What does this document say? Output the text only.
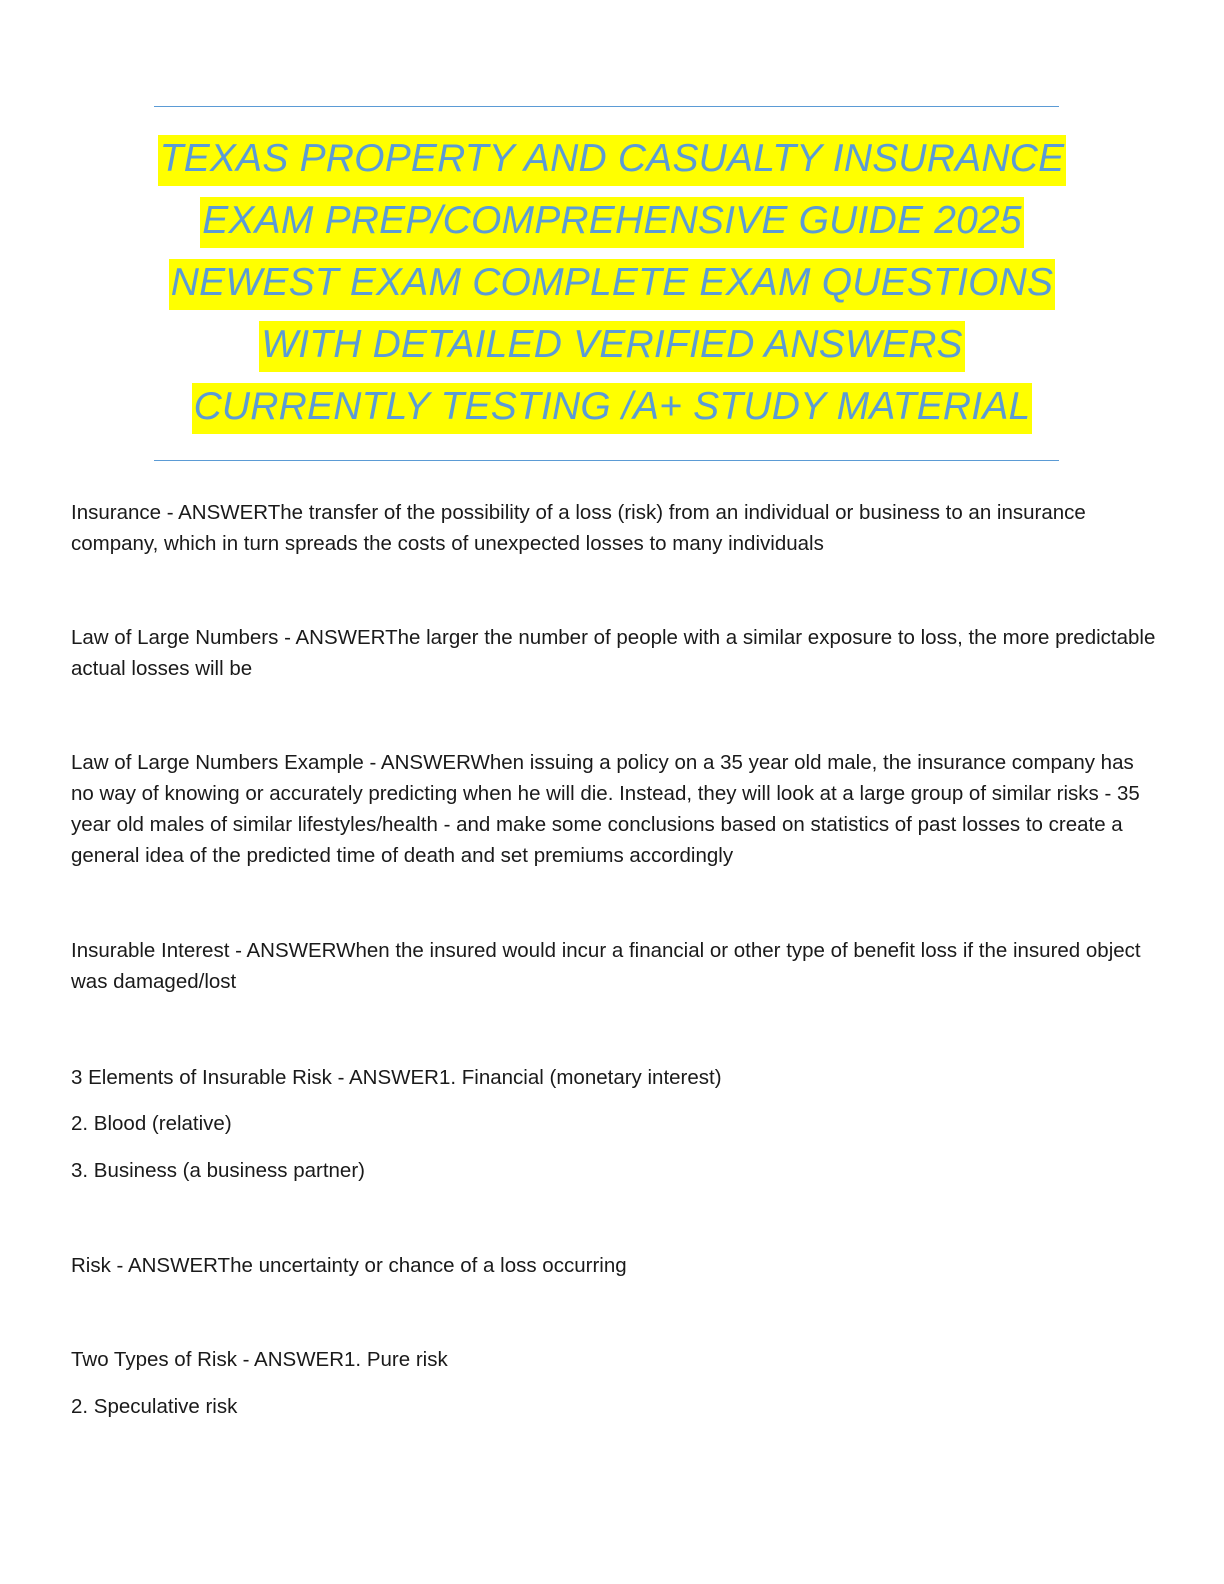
TEXAS PROPERTY AND CASUALTY INSURANCE
EXAM PREP/COMPREHENSIVE GUIDE 2025
NEWEST EXAM COMPLETE EXAM QUESTIONS
WITH DETAILED VERIFIED ANSWERS
CURRENTLY TESTING /A+ STUDY MATERIAL

Insurance - ANSWERThe transfer of the possibility of a loss (risk) from an individual or business to an insurance company, which in turn spreads the costs of unexpected losses to many individuals

Law of Large Numbers - ANSWERThe larger the number of people with a similar exposure to loss, the more predictable actual losses will be

Law of Large Numbers Example - ANSWERWhen issuing a policy on a 35 year old male, the insurance company has no way of knowing or accurately predicting when he will die. Instead, they will look at a large group of similar risks - 35 year old males of similar lifestyles/health - and make some conclusions based on statistics of past losses to create a general idea of the predicted time of death and set premiums accordingly

Insurable Interest - ANSWERWhen the insured would incur a financial or other type of benefit loss if the insured object was damaged/lost

3 Elements of Insurable Risk - ANSWER1. Financial (monetary interest)

2. Blood (relative)

3. Business (a business partner)

Risk - ANSWERThe uncertainty or chance of a loss occurring

Two Types of Risk - ANSWER1. Pure risk

2. Speculative risk
